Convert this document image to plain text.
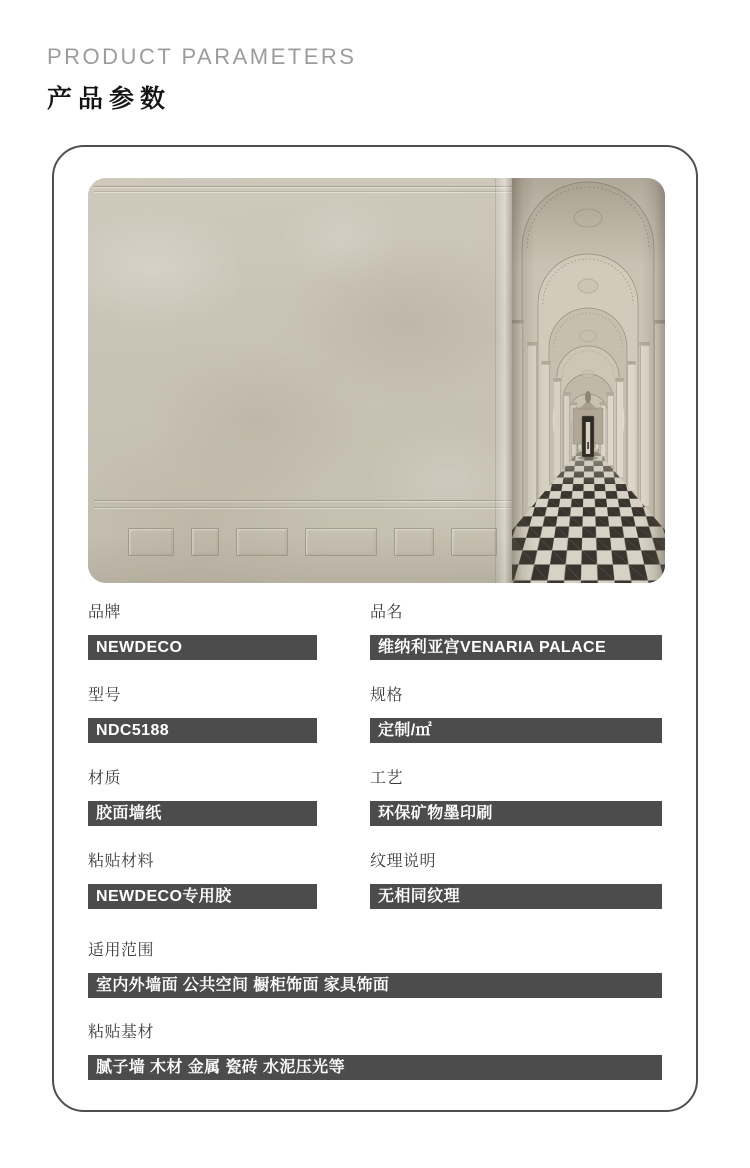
PRODUCT PARAMETERS
产品参数
品牌
NEWDECO
品名
维纳利亚宫VENARIA PALACE
型号
NDC5188
规格
定制/㎡
材质
胶面墙纸
工艺
环保矿物墨印刷
粘贴材料
NEWDECO专用胶
纹理说明
无相同纹理
适用范围
室内外墙面 公共空间 橱柜饰面 家具饰面
粘贴基材
腻子墙 木材 金属 瓷砖 水泥压光等
